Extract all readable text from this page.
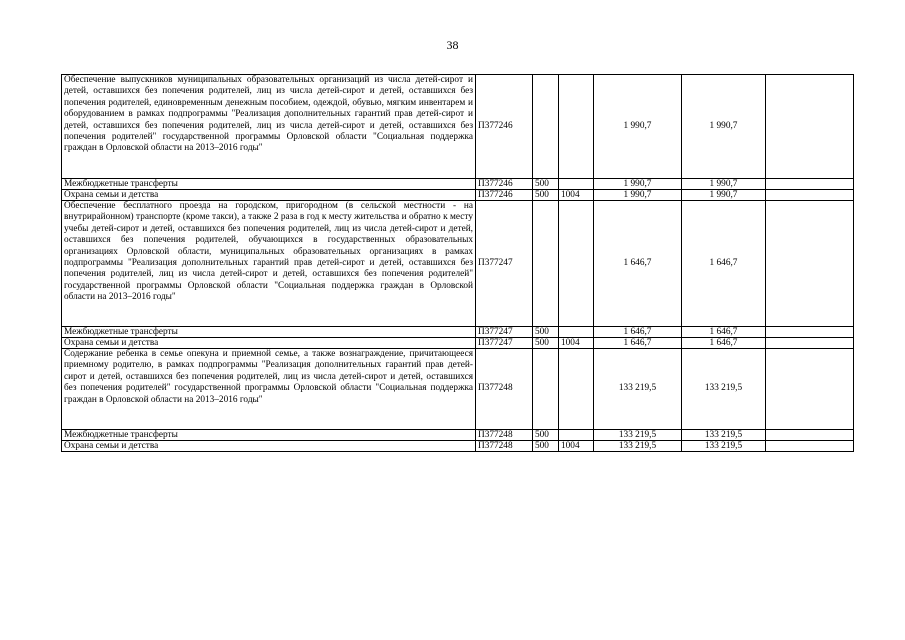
38
Обеспечение выпускников муниципальных образовательных организаций из числа детей-сирот и детей, оставшихся без попечения родителей, лиц из числа детей-сирот и детей, оставшихся без попечения родителей, единовременным денежным пособием, одеждой, обувью, мягким инвентарем и оборудованием в рамках подпрограммы "Реализация дополнительных гарантий прав детей-сирот и детей, оставшихся без попечения родителей, лиц из числа детей-сирот и детей, оставшихся без попечения родителей" государственной программы Орловской области "Социальная поддержка граждан в Орловской области на 2013–2016 годы"	П377246			1 990,7	1 990,7	
Межбюджетные трансферты	П377246	500		1 990,7	1 990,7	
Охрана семьи и детства	П377246	500	1004	1 990,7	1 990,7	
Обеспечение бесплатного проезда на городском, пригородном (в сельской местности - на внутрирайонном) транспорте (кроме такси), а также 2 раза в год к месту жительства и обратно к месту учебы детей-сирот и детей, оставшихся без попечения родителей, лиц из числа детей-сирот и детей, оставшихся без попечения родителей, обучающихся в государственных образовательных организациях Орловской области, муниципальных образовательных организациях в рамках подпрограммы "Реализация дополнительных гарантий прав детей-сирот и детей, оставшихся без попечения родителей, лиц из числа детей-сирот и детей, оставшихся без попечения родителей" государственной программы Орловской области "Социальная поддержка граждан в Орловской области на 2013–2016 годы"	П377247			1 646,7	1 646,7	
Межбюджетные трансферты	П377247	500		1 646,7	1 646,7	
Охрана семьи и детства	П377247	500	1004	1 646,7	1 646,7	
Содержание ребенка в семье опекуна и приемной семье, а также вознаграждение, причитающееся приемному родителю, в рамках подпрограммы "Реализация дополнительных гарантий прав детей-сирот и детей, оставшихся без попечения родителей, лиц из числа детей-сирот и детей, оставшихся без попечения родителей" государственной программы Орловской области "Социальная поддержка граждан в Орловской области на 2013–2016 годы"	П377248			133 219,5	133 219,5	
Межбюджетные трансферты	П377248	500		133 219,5	133 219,5	
Охрана семьи и детства	П377248	500	1004	133 219,5	133 219,5	
